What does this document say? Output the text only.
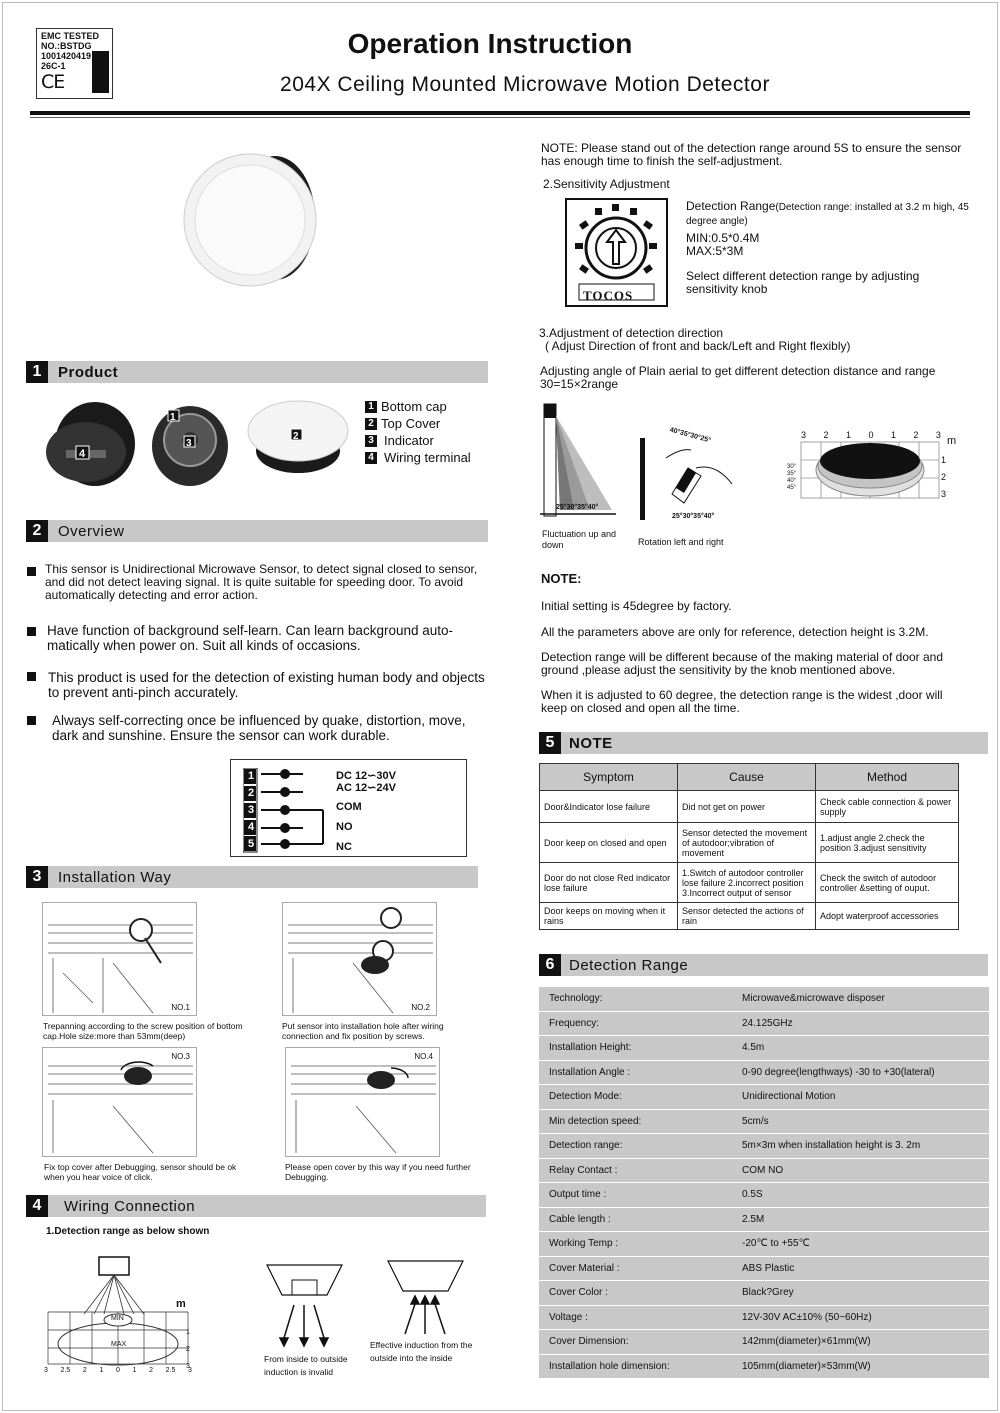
EMC TESTED
NO.:BSTDG
1001420419
26C-1
CE
Operation Instruction
204X Ceiling Mounted Microwave Motion Detector
1	Product
4
1
3
2
1 Bottom cap
2 Top Cover
3 Indicator
4 Wiring terminal
2	Overview
This sensor is Unidirectional Microwave Sensor, to detect signal closed to sensor, and did not detect leaving signal. It is quite suitable for speeding door. To avoid automatically detecting and error action.
Have function of background self-learn. Can learn background auto-matically when power on. Suit all kinds of occasions.
This product is used for the detection of existing human body and objects to prevent anti-pinch accurately.
Always self-correcting once be influenced by quake, distortion, move, dark and sunshine. Ensure the sensor can work durable.
1
2
3
4
5
DC 12∽30V
AC 12∽24V
COM
NO
NC
3	Installation Way
NO.1
Trepanning according to the screw position of bottom cap.Hole size:more than 53mm(deep)
NO.2
Put sensor into installation hole after wiring connection and fix position by screws.
NO.3
Fix top cover after Debugging, sensor should be ok when you hear voice of click.
NO.4
Please open cover by this way if you need further Debugging.
4	Wiring Connection
1.Detection range as below shown
m
MIN
MAX
1
2
3
3 2.5 2 1 0 1 2 2.5 3
From inside to outside induction is invalid
Effective induction from the outside into the inside
NOTE: Please stand out of the detection range around 5S to ensure the sensor has enough time to finish the self-adjustment.
2.Sensitivity Adjustment
TOCOS
Detection Range(Detection range: installed at 3.2 m high, 45 degree angle)
MIN:0.5*0.4M
MAX:5*3M
Select different detection range by adjusting sensitivity knob
3.Adjustment of detection direction
( Adjust Direction of front and back/Left and Right flexibly)
Adjusting angle of Plain aerial to get different detection distance and range 30=15×2range
25°30°35°40°
Fluctuation up and down
40°35°30°25°
25°30°35°40°
Rotation left and right
3 2 1 0 1 2 3 m
1
2
3
30°
35°
40°
45°
NOTE:
Initial setting is 45degree by factory.
All the parameters above are only for reference, detection height is 3.2M.
Detection range will be different because of the making material of door and ground ,please adjust the sensitivity by the knob mentioned above.
When it is adjusted to 60 degree, the detection range is the widest ,door will keep on closed and open all the time.
5 NOTE
Symptom	Cause	Method
Door&Indicator lose failure	Did not get on power	Check cable connection & power supply
Door keep on closed and open	Sensor detected the movement of autodoor;vibration of movement	1.adjust angle 2.check the position 3.adjust sensitivity
Door do not close Red indicator lose failure	1.Switch of autodoor controller lose failure 2.incorrect position 3.Incorrect output of sensor	Check the switch of autodoor controller &setting of ouput.
Door keeps on moving when it rains	Sensor detected the actions of rain	Adopt waterproof accessories
6 Detection Range
Technology:	Microwave&microwave disposer
Frequency:	24.125GHz
Installation Height:	4.5m
Installation Angle :	0-90 degree(lengthways) -30 to +30(lateral)
Detection Mode:	Unidirectional Motion
Min detection speed:	5cm/s
Detection range:	5m×3m when installation height is 3. 2m
Relay Contact :	COM NO
Output time :	0.5S
Cable length :	2.5M
Working Temp :	-20℃ to +55℃
Cover Material :	ABS Plastic
Cover Color :	Black?Grey
Voltage :	12V-30V AC±10% (50~60Hz)
Cover Dimension:	142mm(diameter)×61mm(W)
Installation hole dimension:	105mm(diameter)×53mm(W)
